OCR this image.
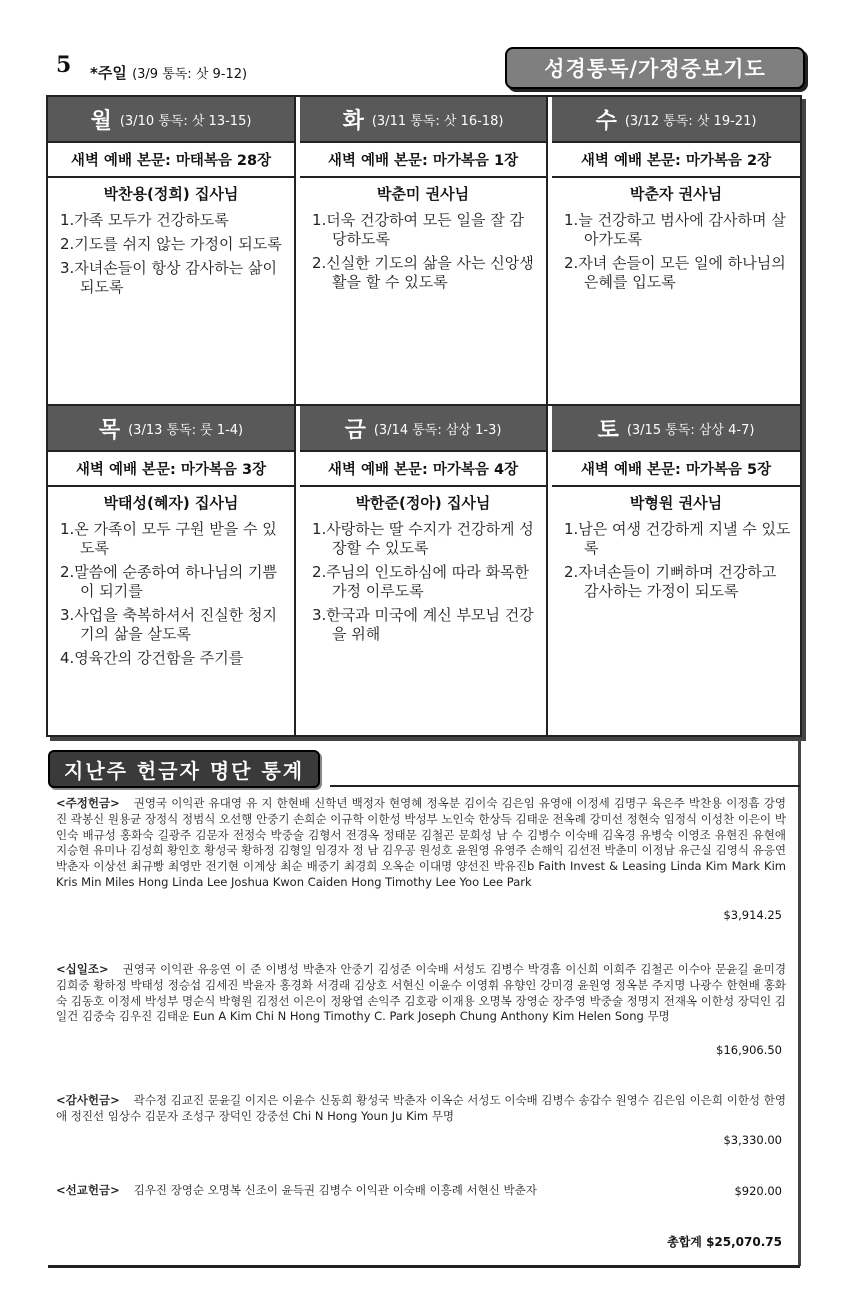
5 *주일 (3/9 통독: 삿 9-12)	성경통독/가정중보기도
월 (3/10 통독: 삿 13-15)
새벽 예배 본문: 마태복음 28장
박찬용(정희) 집사님
1.가족 모두가 건강하도록
2.기도를 쉬지 않는 가정이 되도록
3.자녀손들이 항상 감사하는 삶이 되도록
화 (3/11 통독: 삿 16-18)
새벽 예배 본문: 마가복음 1장
박춘미 권사님
1.더욱 건강하여 모든 일을 잘 감당하도록
2.신실한 기도의 삶을 사는 신앙생활을 할 수 있도록
수 (3/12 통독: 삿 19-21)
새벽 예배 본문: 마가복음 2장
박춘자 권사님
1.늘 건강하고 범사에 감사하며 살아가도록
2.자녀 손들이 모든 일에 하나님의 은혜를 입도록
목 (3/13 통독: 룻 1-4)
새벽 예배 본문: 마가복음 3장
박태성(혜자) 집사님
1.온 가족이 모두 구원 받을 수 있도록
2.말씀에 순종하여 하나님의 기쁨이 되기를
3.사업을 축복하셔서 진실한 청지기의 삶을 살도록
4.영육간의 강건함을 주기를
금 (3/14 통독: 삼상 1-3)
새벽 예배 본문: 마가복음 4장
박한준(정아) 집사님
1.사랑하는 딸 수지가 건강하게 성장할 수 있도록
2.주님의 인도하심에 따라 화목한 가정 이루도록
3.한국과 미국에 계신 부모님 건강을 위해
토 (3/15 통독: 삼상 4-7)
새벽 예배 본문: 마가복음 5장
박형원 권사님
1.남은 여생 건강하게 지낼 수 있도록
2.자녀손들이 기뻐하며 건강하고 감사하는 가정이 되도록
지난주 헌금자 명단 통계
<주정헌금> 권영국 이익관 유대영 유 지 한현배 신학년 백정자 현영혜 정옥분 김이숙 김은임 유영애 이정세 김명구 육은주 박찬용 이정흠 강영진 곽봉신 원용균 장정식 정범식 오선행 안중기 손희순 이규학 이한성 박성부 노인숙 한상득 김태운 전옥례 강미선 정현숙 임정식 이성찬 이은이 박인숙 배규성 홍화숙 길광주 김문자 전정숙 박중술 김형서 전경옥 정태문 김철곤 문희성 남 수 김병수 이숙배 김옥경 유병숙 이영조 유현진 유현애 지승현 유미나 김성희 황인호 황성국 황하정 김형일 임경자 정 남 김우공 원성호 윤원영 유영주 손해익 김선전 박춘미 이정남 유근실 김영식 유응연 박춘자 이상선 최규빵 최영만 전기현 이계상 최순 배중기 최경희 오옥순 이대명 양선진 박유진b Faith Invest & Leasing Linda Kim Mark Kim Kris Min Miles Hong Linda Lee Joshua Kwon Caiden Hong Timothy Lee Yoo Lee Park
$3,914.25
<십일조> 권영국 이익관 유응연 이 준 이병성 박춘자 안중기 김성준 이숙배 서성도 김병수 박경흠 이신희 이희주 김철곤 이수아 문윤길 윤미경 김희중 황하정 박태성 정승섭 김세진 박윤자 홍경화 서경래 김상호 서현신 이윤수 이영휘 유향인 강미경 윤원영 정옥분 주지명 나광수 한현배 홍화숙 김동호 이정세 박성부 명순식 박형원 김정선 이은이 정왕엽 손익주 김호광 이재용 오명복 장영순 장주영 박중술 정명지 전재옥 이한성 장덕인 김일건 김중숙 김우진 김태운 Eun A Kim Chi N Hong Timothy C. Park Joseph Chung Anthony Kim Helen Song 무명
$16,906.50
<감사헌금> 곽수정 김교진 문윤길 이지은 이윤수 신동희 황성국 박춘자 이옥순 서성도 이숙배 김병수 송갑수 원영수 김은임 이은희 이한성 한영애 정진선 임상수 김문자 조성구 장덕인 강중선 Chi N Hong Youn Ju Kim 무명
$3,330.00
<선교헌금> 김우진 장영순 오명복 신조이 윤득권 김병수 이익관 이숙배 이흥례 서현신 박춘자	$920.00
총합계 $25,070.75
